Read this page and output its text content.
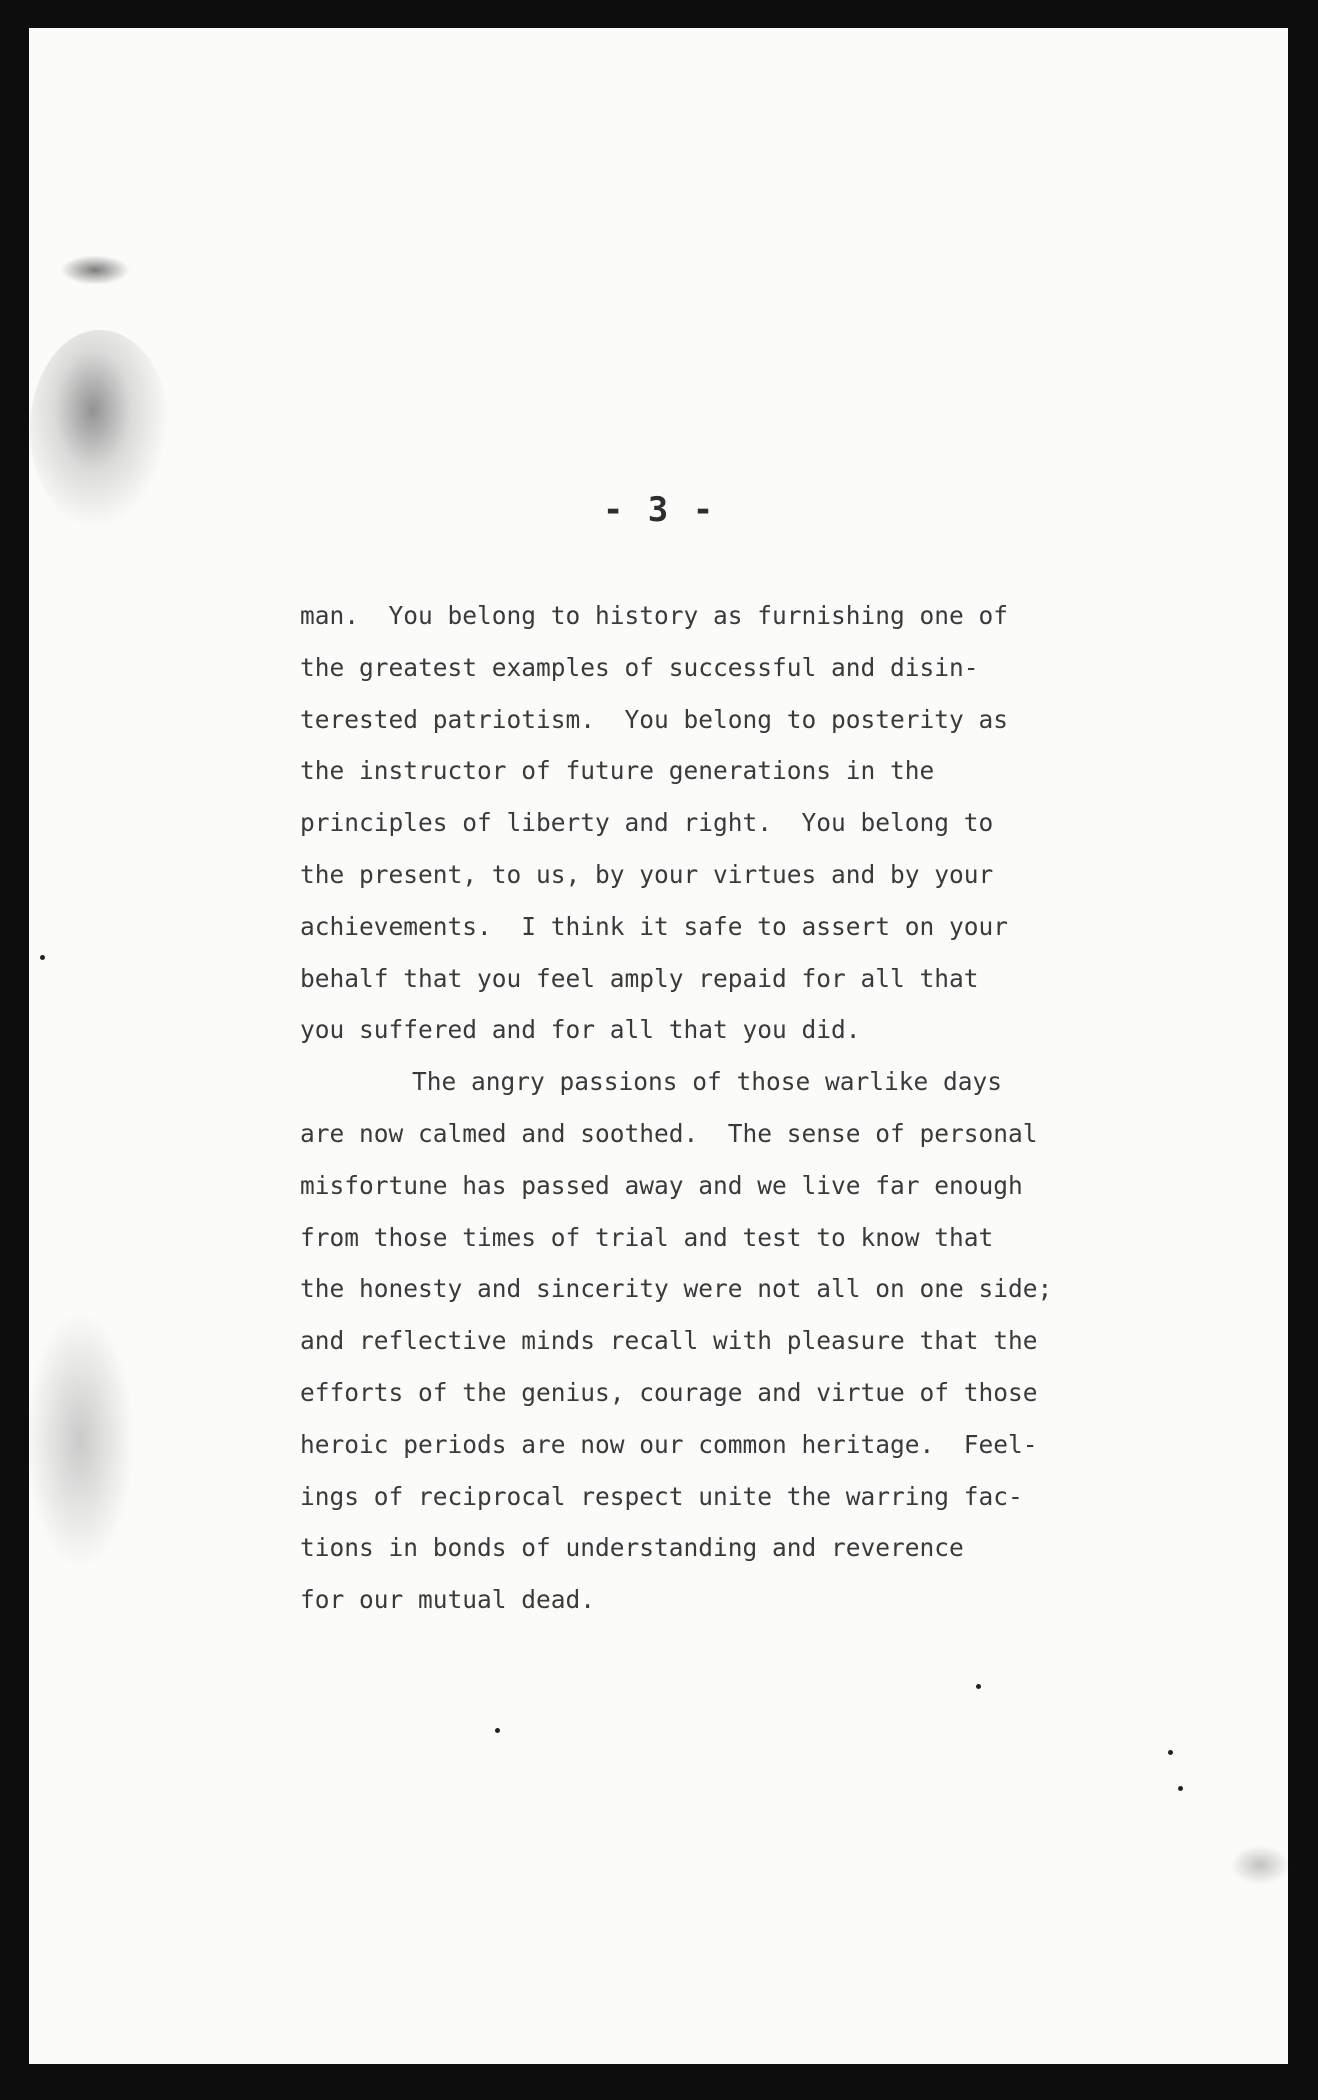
- 3 -
man.  You belong to history as furnishing one of
the greatest examples of successful and disin-
terested patriotism.  You belong to posterity as
the instructor of future generations in the
principles of liberty and right.  You belong to
the present, to us, by your virtues and by your
achievements.  I think it safe to assert on your
behalf that you feel amply repaid for all that
you suffered and for all that you did.
The angry passions of those warlike days
are now calmed and soothed.  The sense of personal
misfortune has passed away and we live far enough
from those times of trial and test to know that
the honesty and sincerity were not all on one side;
and reflective minds recall with pleasure that the
efforts of the genius, courage and virtue of those
heroic periods are now our common heritage.  Feel-
ings of reciprocal respect unite the warring fac-
tions in bonds of understanding and reverence
for our mutual dead.
